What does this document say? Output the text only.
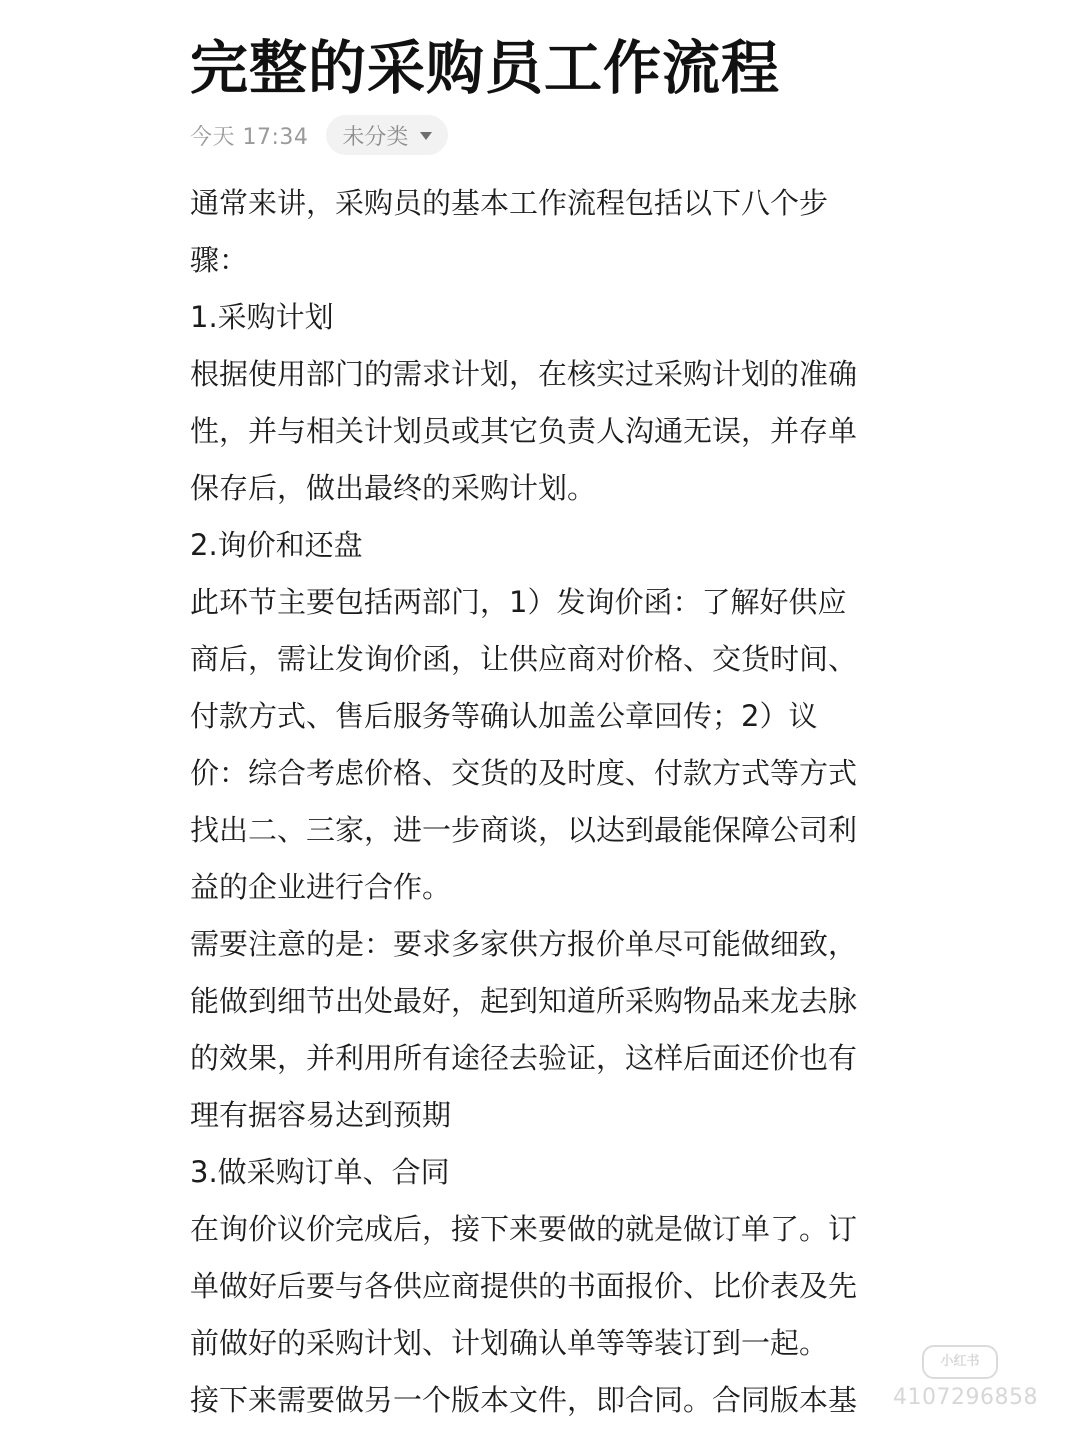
完整的采购员工作流程
今天 17:34 未分类
通常来讲，采购员的基本工作流程包括以下八个步
骤：
1.采购计划
根据使用部门的需求计划，在核实过采购计划的准确
性，并与相关计划员或其它负责人沟通无误，并存单
保存后，做出最终的采购计划。
2.询价和还盘
此环节主要包括两部门，1）发询价函：了解好供应
商后，需让发询价函，让供应商对价格、交货时间、
付款方式、售后服务等确认加盖公章回传；2）议
价：综合考虑价格、交货的及时度、付款方式等方式
找出二、三家，进一步商谈，以达到最能保障公司利
益的企业进行合作。
需要注意的是：要求多家供方报价单尽可能做细致，
能做到细节出处最好，起到知道所采购物品来龙去脉
的效果，并利用所有途径去验证，这样后面还价也有
理有据容易达到预期
3.做采购订单、合同
在询价议价完成后，接下来要做的就是做订单了。订
单做好后要与各供应商提供的书面报价、比价表及先
前做好的采购计划、计划确认单等等装订到一起。
接下来需要做另一个版本文件，即合同。合同版本基
小红书
4107296858
